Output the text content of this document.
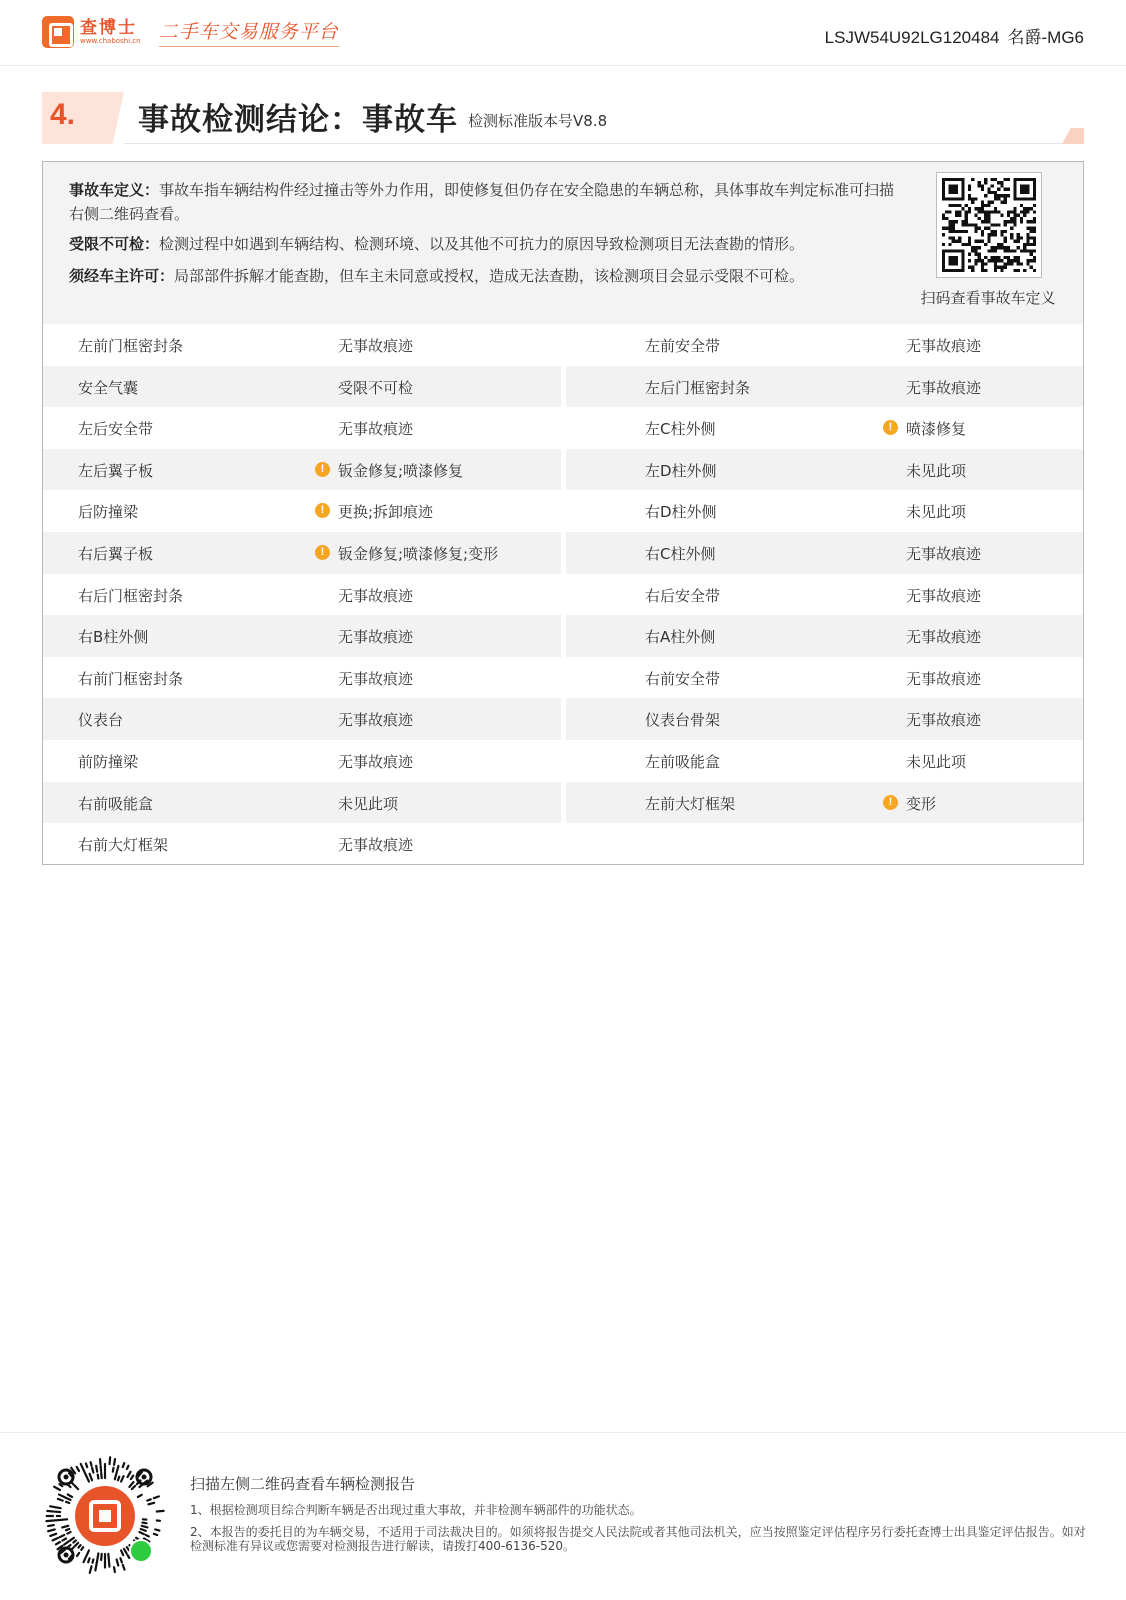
查博士
www.chaboshi.cn 二手车交易服务平台	LSJW54U92LG120484 名爵-MG6
4. 事故检测结论：事故车 检测标准版本号V8.8

事故车定义：事故车指车辆结构件经过撞击等外力作用，即使修复但仍存在安全隐患的车辆总称，具体事故车判定标准可扫描右侧二维码查看。

受限不可检：检测过程中如遇到车辆结构、检测环境、以及其他不可抗力的原因导致检测项目无法查勘的情形。

须经车主许可：局部部件拆解才能查勘，但车主未同意或授权，造成无法查勘，该检测项目会显示受限不可检。

扫码查看事故车定义
左前门框密封条	无事故痕迹	左前安全带	无事故痕迹
安全气囊	受限不可检	左后门框密封条	无事故痕迹
左后安全带	无事故痕迹	左C柱外侧	! 喷漆修复
左后翼子板	! 钣金修复;喷漆修复	左D柱外侧	未见此项
后防撞梁	! 更换;拆卸痕迹	右D柱外侧	未见此项
右后翼子板	! 钣金修复;喷漆修复;变形	右C柱外侧	无事故痕迹
右后门框密封条	无事故痕迹	右后安全带	无事故痕迹
右B柱外侧	无事故痕迹	右A柱外侧	无事故痕迹
右前门框密封条	无事故痕迹	右前安全带	无事故痕迹
仪表台	无事故痕迹	仪表台骨架	无事故痕迹
前防撞梁	无事故痕迹	左前吸能盒	未见此项
右前吸能盒	未见此项	左前大灯框架	! 变形
右前大灯框架	无事故痕迹
扫描左侧二维码查看车辆检测报告
1、根据检测项目综合判断车辆是否出现过重大事故，并非检测车辆部件的功能状态。
2、本报告的委托目的为车辆交易，不适用于司法裁决目的。如须将报告提交人民法院或者其他司法机关，应当按照鉴定评估程序另行委托查博士出具鉴定评估报告。如对检测标准有异议或您需要对检测报告进行解读，请拨打400-6136-520。
